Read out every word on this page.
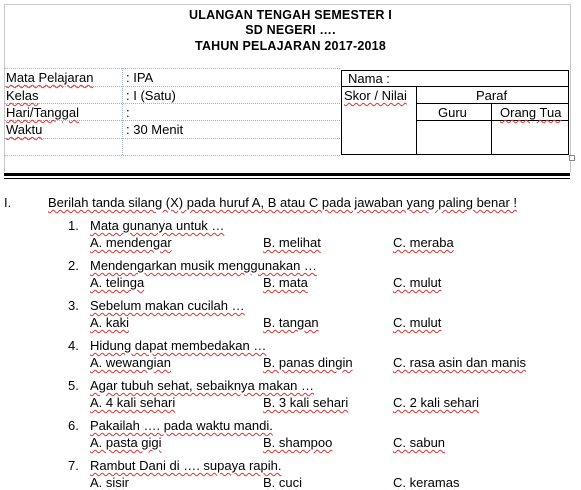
ULANGAN TENGAH SEMESTER I
SD NEGERI ….
TAHUN PELAJARAN 2017-2018
Mata Pelajaran	: IPA
Kelas	: I (Satu)
Hari/Tanggal	:
Waktu	: 30 Menit
Nama :
Skor / Nilai	Paraf
Guru	Orang Tua
I.	Berilah tanda silang (X) pada huruf A, B atau C pada jawaban yang paling benar !
1. Mata gunanya untuk …
A. mendengar	B. melihat	C. meraba
2. Mendengarkan musik menggunakan …
A. telinga	B. mata	C. mulut
3. Sebelum makan cucilah …
A. kaki	B. tangan	C. mulut
4. Hidung dapat membedakan …
A. wewangian	B. panas dingin	C. rasa asin dan manis
5. Agar tubuh sehat, sebaiknya makan …
A. 4 kali sehari	B. 3 kali sehari	C. 2 kali sehari
6. Pakailah …. pada waktu mandi.
A. pasta gigi	B. shampoo	C. sabun
7. Rambut Dani di …. supaya rapih.
A. sisir	B. cuci	C. keramas
